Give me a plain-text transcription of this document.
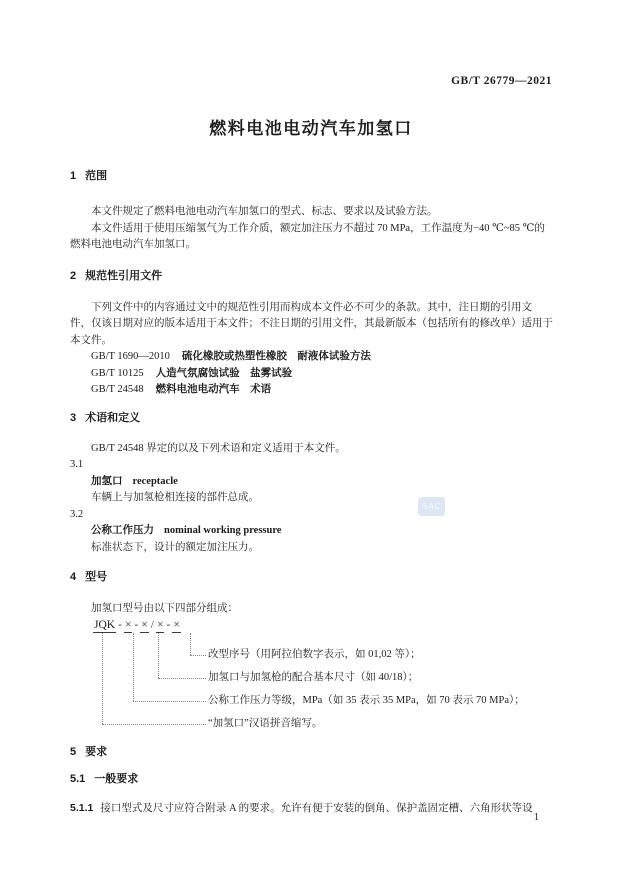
GB/T 26779—2021
燃料电池电动汽车加氢口
1 范围
本文件规定了燃料电池电动汽车加氢口的型式、标志、要求以及试验方法。
本文件适用于使用压缩氢气为工作介质，额定加注压力不超过 70 MPa，工作温度为−40 ℃~85 ℃的
燃料电池电动汽车加氢口。
2 规范性引用文件
下列文件中的内容通过文中的规范性引用而构成本文件必不可少的条款。其中，注日期的引用文
件，仅该日期对应的版本适用于本文件；不注日期的引用文件，其最新版本（包括所有的修改单）适用于
本文件。
GB/T 1690—2010 硫化橡胶或热塑性橡胶　耐液体试验方法
GB/T 10125 人造气氛腐蚀试验　盐雾试验
GB/T 24548 燃料电池电动汽车　术语
3 术语和定义
GB/T 24548 界定的以及下列术语和定义适用于本文件。
3.1
加氢口 receptacle
车辆上与加氢枪相连接的部件总成。
3.2
公称工作压力 nominal working pressure
标准状态下，设计的额定加注压力。
4 型号
加氢口型号由以下四部分组成：
JQK - × - × / × - ×
改型序号（用阿拉伯数字表示，如 01,02 等）；
加氢口与加氢枪的配合基本尺寸（如 40/18）；
公称工作压力等级，MPa（如 35 表示 35 MPa，如 70 表示 70 MPa）；
“加氢口”汉语拼音缩写。
5 要求
5.1 一般要求
5.1.1 接口型式及尺寸应符合附录 A 的要求。允许有便于安装的倒角、保护盖固定槽、六角形状等设
SAC
1
